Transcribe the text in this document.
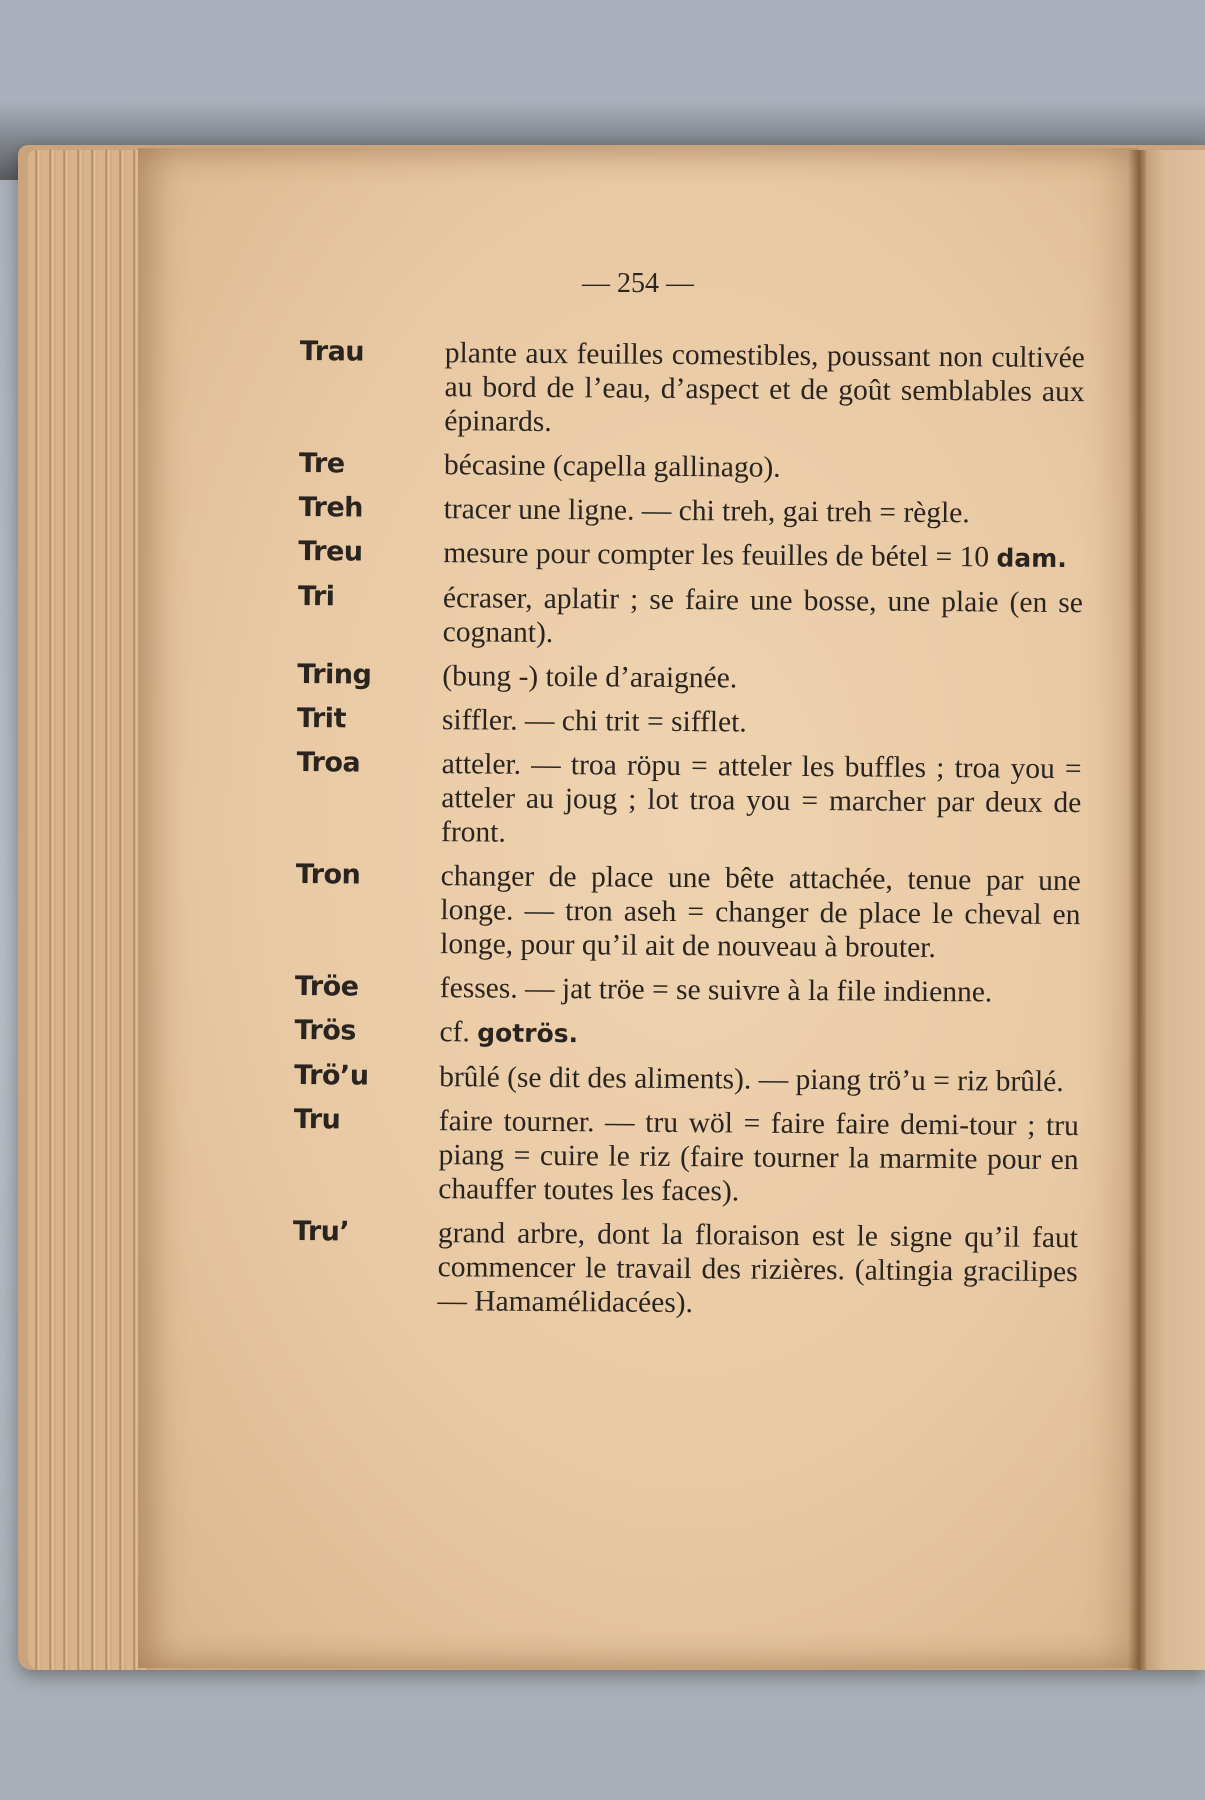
— 254 —
Trau	plante aux feuilles comestibles, poussant non cultivée au bord de l’eau, d’aspect et de goût semblables aux épinards.
Tre	bécasine (capella gallinago).
Treh	tracer une ligne. — chi treh, gai treh = règle.
Treu	mesure pour compter les feuilles de bétel = 10 dam.
Tri	écraser, aplatir ; se faire une bosse, une plaie (en se cognant).
Tring	(bung -) toile d’araignée.
Trit	siffler. — chi trit = sifflet.
Troa	atteler. — troa röpu = atteler les buffles ; troa you = atteler au joug ; lot troa you = marcher par deux de front.
Tron	changer de place une bête attachée, tenue par une longe. — tron aseh = changer de place le cheval en longe, pour qu’il ait de nouveau à brouter.
Tröe	fesses. — jat tröe = se suivre à la file indienne.
Trös	cf. gotrös.
Trö’u	brûlé (se dit des aliments). — piang trö’u = riz brûlé.
Tru	faire tourner. — tru wöl = faire faire demi-tour ; tru piang = cuire le riz (faire tourner la marmite pour en chauffer toutes les faces).
Tru’	grand arbre, dont la floraison est le signe qu’il faut commencer le travail des rizières. (altingia gracilipes — Hamamélidacées).
